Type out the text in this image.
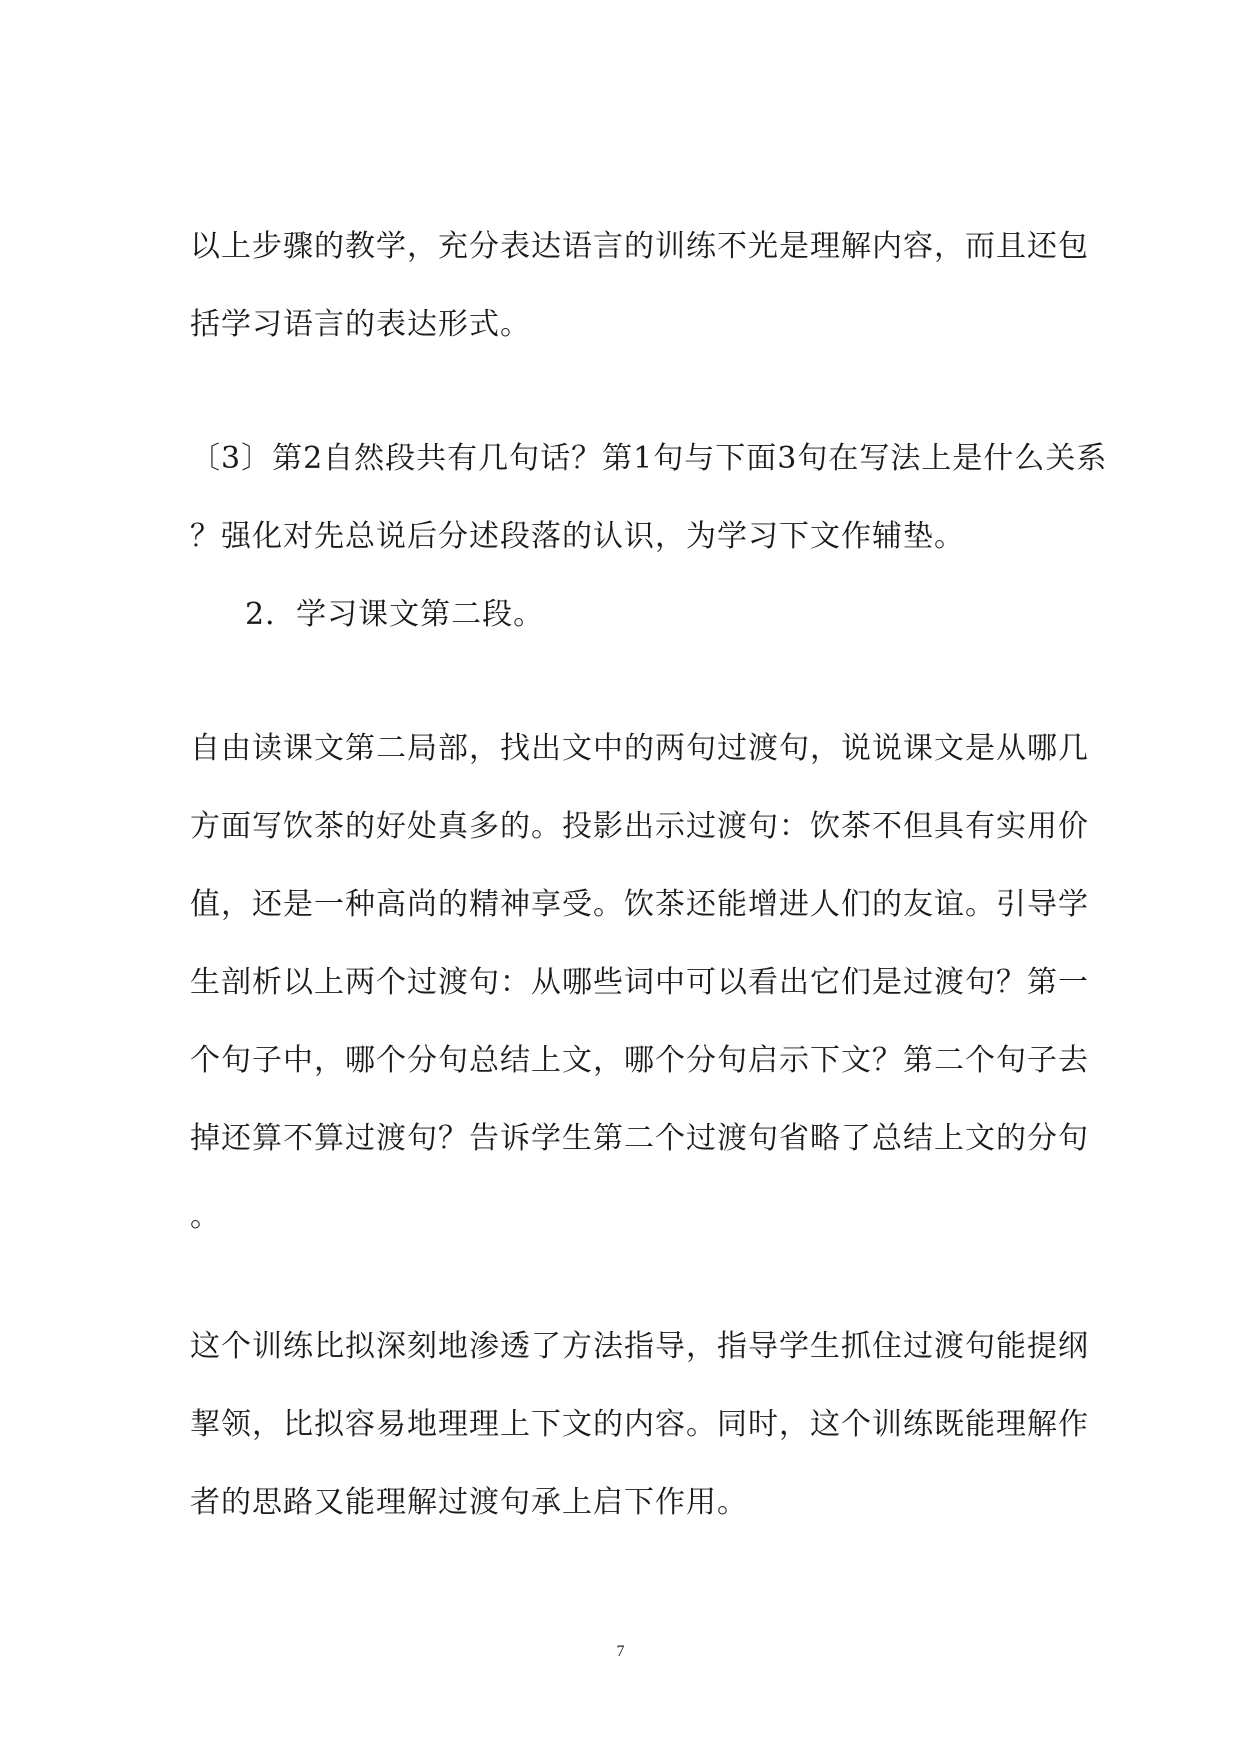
以上步骤的教学，充分表达语言的训练不光是理解内容，而且还包
括学习语言的表达形式。

〔3〕第2自然段共有几句话？第1句与下面3句在写法上是什么关系
？强化对先总说后分述段落的认识，为学习下文作辅垫。

2．学习课文第二段。

自由读课文第二局部，找出文中的两句过渡句，说说课文是从哪几
方面写饮茶的好处真多的。投影出示过渡句：饮茶不但具有实用价
值，还是一种高尚的精神享受。饮茶还能增进人们的友谊。引导学
生剖析以上两个过渡句：从哪些词中可以看出它们是过渡句？第一
个句子中，哪个分句总结上文，哪个分句启示下文？第二个句子去
掉还算不算过渡句？告诉学生第二个过渡句省略了总结上文的分句
。

这个训练比拟深刻地渗透了方法指导，指导学生抓住过渡句能提纲
挈领，比拟容易地理理上下文的内容。同时，这个训练既能理解作
者的思路又能理解过渡句承上启下作用。

7
